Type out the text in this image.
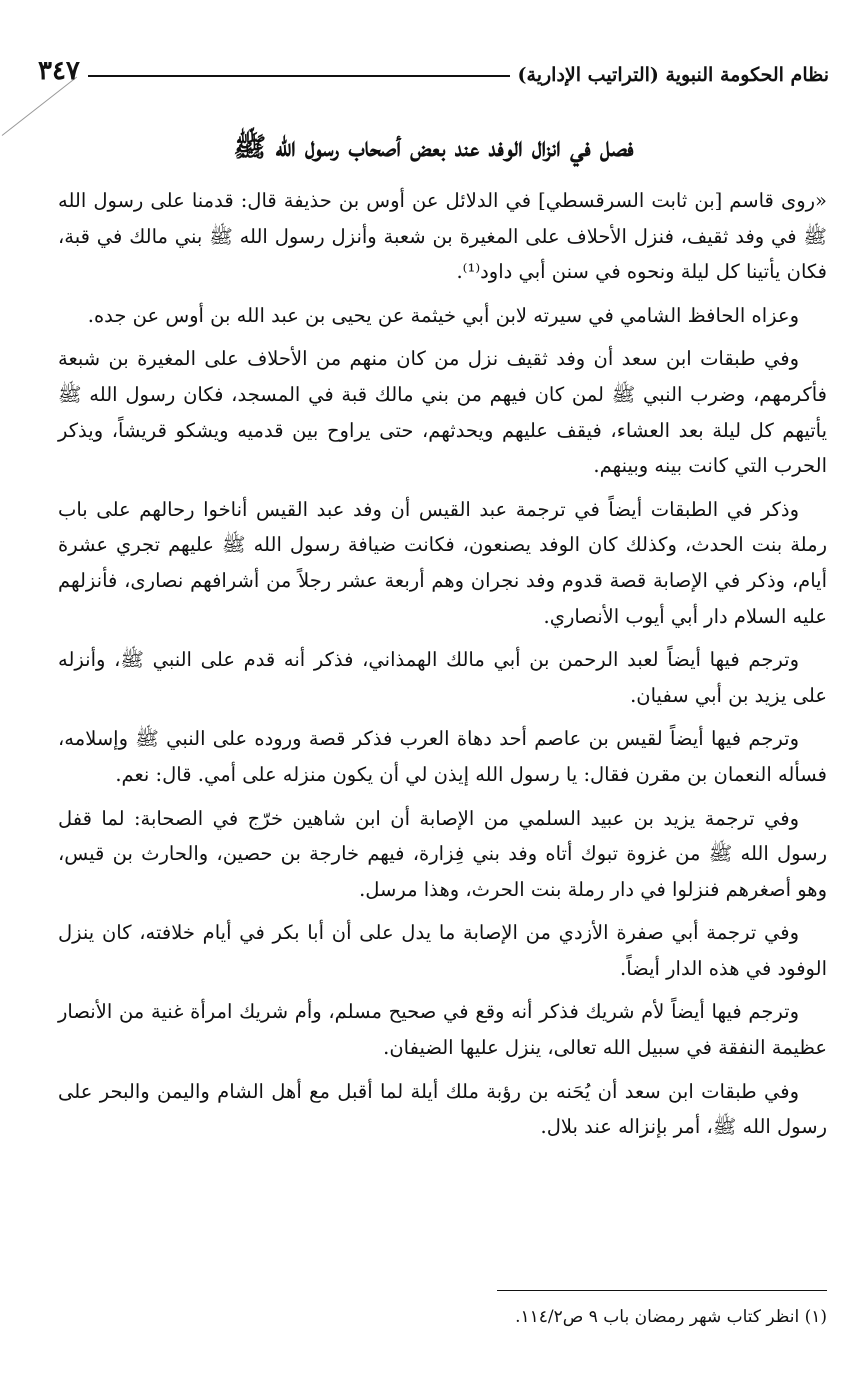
نظام الحكومة النبوية (التراتيب الإدارية)
٣٤٧
فصل في انزال الوفد عند بعض أصحاب رسول الله ﷺ

«روى قاسم [بن ثابت السرقسطي] في الدلائل عن أوس بن حذيفة قال: قدمنا على رسول الله ﷺ في وفد ثقيف، فنزل الأحلاف على المغيرة بن شعبة وأنزل رسول الله ﷺ بني مالك في قبة، فكان يأتينا كل ليلة ونحوه في سنن أبي داود⁽¹⁾.

وعزاه الحافظ الشامي في سيرته لابن أبي خيثمة عن يحيى بن عبد الله بن أوس عن جده.

وفي طبقات ابن سعد أن وفد ثقيف نزل من كان منهم من الأحلاف على المغيرة بن شبعة فأكرمهم، وضرب النبي ﷺ لمن كان فيهم من بني مالك قبة في المسجد، فكان رسول الله ﷺ يأتيهم كل ليلة بعد العشاء، فيقف عليهم ويحدثهم، حتى يراوح بين قدميه ويشكو قريشاً، ويذكر الحرب التي كانت بينه وبينهم.

وذكر في الطبقات أيضاً في ترجمة عبد القيس أن وفد عبد القيس أناخوا رحالهم على باب رملة بنت الحدث، وكذلك كان الوفد يصنعون، فكانت ضيافة رسول الله ﷺ عليهم تجري عشرة أيام، وذكر في الإصابة قصة قدوم وفد نجران وهم أربعة عشر رجلاً من أشرافهم نصارى، فأنزلهم عليه السلام دار أبي أيوب الأنصاري.

وترجم فيها أيضاً لعبد الرحمن بن أبي مالك الهمذاني، فذكر أنه قدم على النبي ﷺ، وأنزله على يزيد بن أبي سفيان.

وترجم فيها أيضاً لقيس بن عاصم أحد دهاة العرب فذكر قصة وروده على النبي ﷺ وإسلامه، فسأله النعمان بن مقرن فقال: يا رسول الله إيذن لي أن يكون منزله على أمي. قال: نعم.

وفي ترجمة يزيد بن عبيد السلمي من الإصابة أن ابن شاهين خرّج في الصحابة: لما قفل رسول الله ﷺ من غزوة تبوك أتاه وفد بني فِزارة، فيهم خارجة بن حصين، والحارث بن قيس، وهو أصغرهم فنزلوا في دار رملة بنت الحرث، وهذا مرسل.

وفي ترجمة أبي صفرة الأزدي من الإصابة ما يدل على أن أبا بكر في أيام خلافته، كان ينزل الوفود في هذه الدار أيضاً.

وترجم فيها أيضاً لأم شريك فذكر أنه وقع في صحيح مسلم، وأم شريك امرأة غنية من الأنصار عظيمة النفقة في سبيل الله تعالى، ينزل عليها الضيفان.

وفي طبقات ابن سعد أن يُحَنه بن رؤبة ملك أيلة لما أقبل مع أهل الشام واليمن والبحر على رسول الله ﷺ، أمر بإنزاله عند بلال.

(١) انظر كتاب شهر رمضان باب ٩ ص١١٤/٢.
